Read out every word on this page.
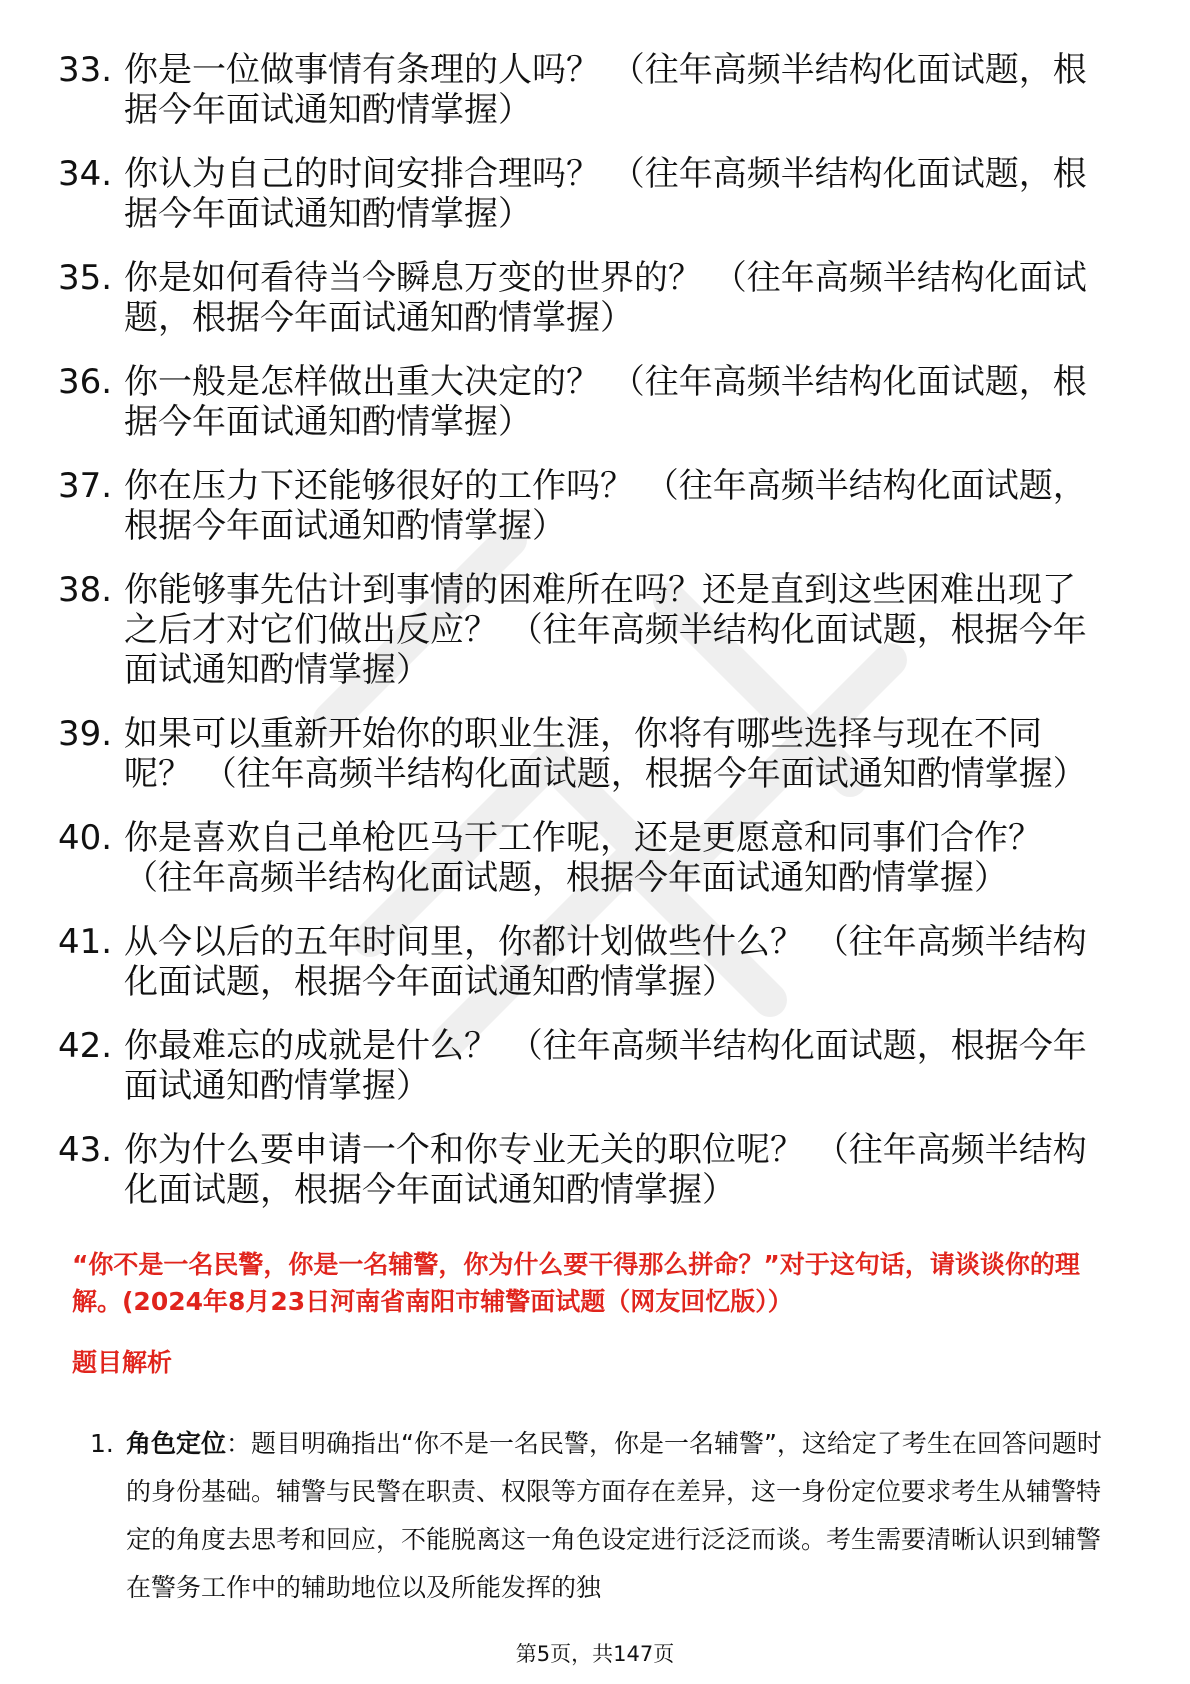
33. 你是一位做事情有条理的人吗？ （往年高频半结构化面试题，根据今年面试通知酌情掌握）
34. 你认为自己的时间安排合理吗？ （往年高频半结构化面试题，根据今年面试通知酌情掌握）
35. 你是如何看待当今瞬息万变的世界的？ （往年高频半结构化面试题，根据今年面试通知酌情掌握）
36. 你一般是怎样做出重大决定的？ （往年高频半结构化面试题，根据今年面试通知酌情掌握）
37. 你在压力下还能够很好的工作吗？ （往年高频半结构化面试题，根据今年面试通知酌情掌握）
38. 你能够事先估计到事情的困难所在吗？还是直到这些困难出现了之后才对它们做出反应？ （往年高频半结构化面试题，根据今年面试通知酌情掌握）
39. 如果可以重新开始你的职业生涯，你将有哪些选择与现在不同呢？ （往年高频半结构化面试题，根据今年面试通知酌情掌握）
40. 你是喜欢自己单枪匹马干工作呢，还是更愿意和同事们合作？ （往年高频半结构化面试题，根据今年面试通知酌情掌握）
41. 从今以后的五年时间里，你都计划做些什么？ （往年高频半结构化面试题，根据今年面试通知酌情掌握）
42. 你最难忘的成就是什么？ （往年高频半结构化面试题，根据今年面试通知酌情掌握）
43. 你为什么要申请一个和你专业无关的职位呢？ （往年高频半结构化面试题，根据今年面试通知酌情掌握）
“你不是一名民警，你是一名辅警，你为什么要干得那么拼命？”对于这句话，请谈谈你的理解。(2024年8月23日河南省南阳市辅警面试题（网友回忆版））
题目解析
1. 角色定位：题目明确指出“你不是一名民警，你是一名辅警”，这给定了考生在回答问题时的身份基础。辅警与民警在职责、权限等方面存在差异，这一身份定位要求考生从辅警特定的角度去思考和回应，不能脱离这一角色设定进行泛泛而谈。考生需要清晰认识到辅警在警务工作中的辅助地位以及所能发挥的独
第5页，共147页
